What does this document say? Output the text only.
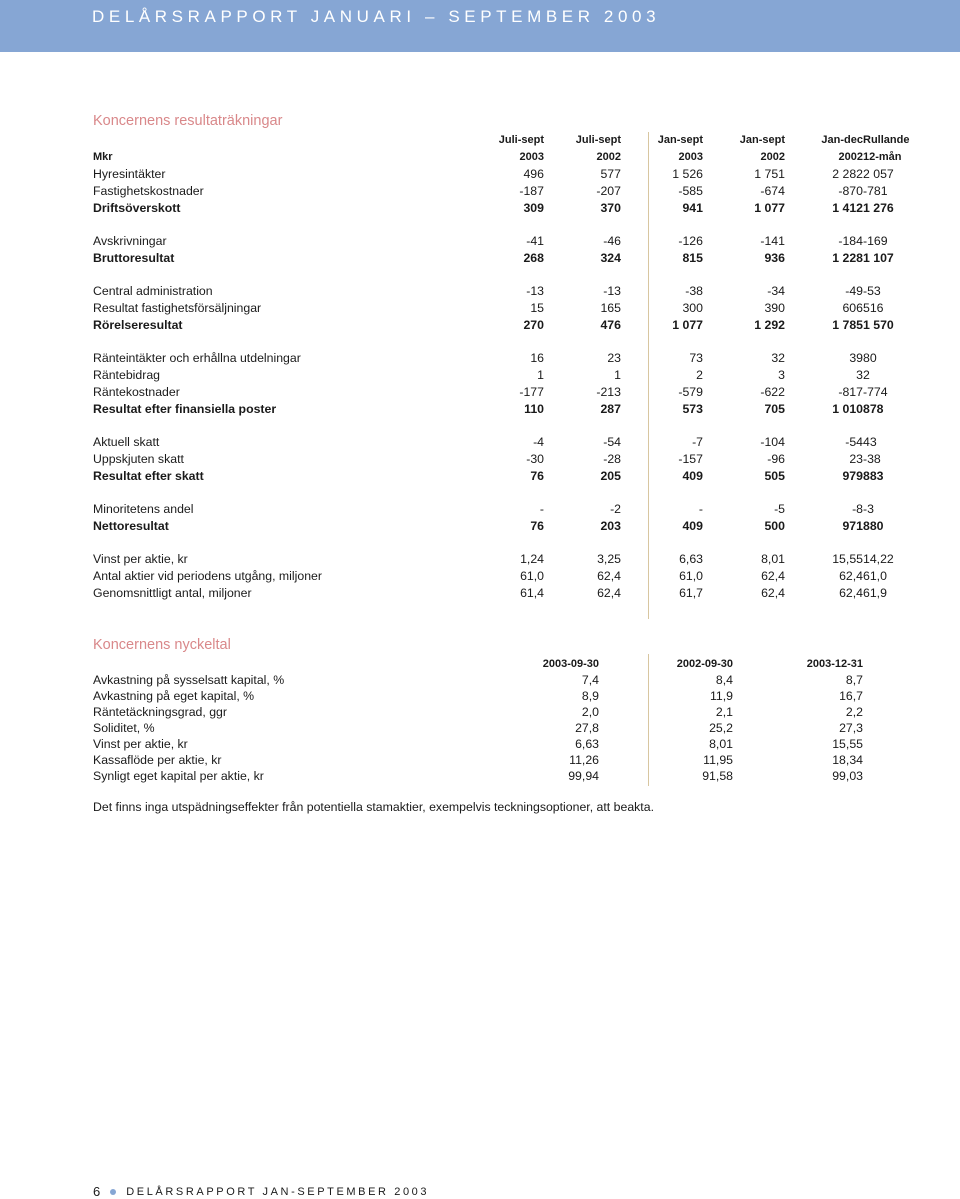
DELÅRSRAPPORT JANUARI – SEPTEMBER 2003
Koncernens resultaträkningar
		Juli-sept	Juli-sept	Jan-sept	Jan-sept	Jan-dec	Rullande
Mkr		2003	2002	2003	2002	2002	12-mån
Hyresintäkter		496	577	1 526	1 751	2 282	2 057
Fastighetskostnader		-187	-207	-585	-674	-870	-781
Driftsöverskott		309	370	941	1 077	1 412	1 276

Avskrivningar		-41	-46	-126	-141	-184	-169
Bruttoresultat		268	324	815	936	1 228	1 107

Central administration		-13	-13	-38	-34	-49	-53
Resultat fastighetsförsäljningar		15	165	300	390	606	516
Rörelseresultat		270	476	1 077	1 292	1 785	1 570

Ränteintäkter och erhållna utdelningar		16	23	73	32	39	80
Räntebidrag		1	1	2	3	3	2
Räntekostnader		-177	-213	-579	-622	-817	-774
Resultat efter finansiella poster		110	287	573	705	1 010	878

Aktuell skatt		-4	-54	-7	-104	-54	43
Uppskjuten skatt		-30	-28	-157	-96	23	-38
Resultat efter skatt		76	205	409	505	979	883

Minoritetens andel		-	-2	-	-5	-8	-3
Nettoresultat		76	203	409	500	971	880

Vinst per aktie, kr		1,24	3,25	6,63	8,01	15,55	14,22
Antal aktier vid periodens utgång, miljoner		61,0	62,4	61,0	62,4	62,4	61,0
Genomsnittligt antal, miljoner		61,4	62,4	61,7	62,4	62,4	61,9
Koncernens nyckeltal
	2003-09-30	2002-09-30	2003-12-31
Avkastning på sysselsatt kapital, %	7,4	8,4	8,7
Avkastning på eget kapital, %	8,9	11,9	16,7
Räntetäckningsgrad, ggr	2,0	2,1	2,2
Soliditet, %	27,8	25,2	27,3
Vinst per aktie, kr	6,63	8,01	15,55
Kassaflöde per aktie, kr	11,26	11,95	18,34
Synligt eget kapital per aktie, kr	99,94	91,58	99,03
Det finns inga utspädningseffekter från potentiella stamaktier, exempelvis teckningsoptioner, att beakta.
6 DELÅRSRAPPORT JAN-SEPTEMBER 2003
